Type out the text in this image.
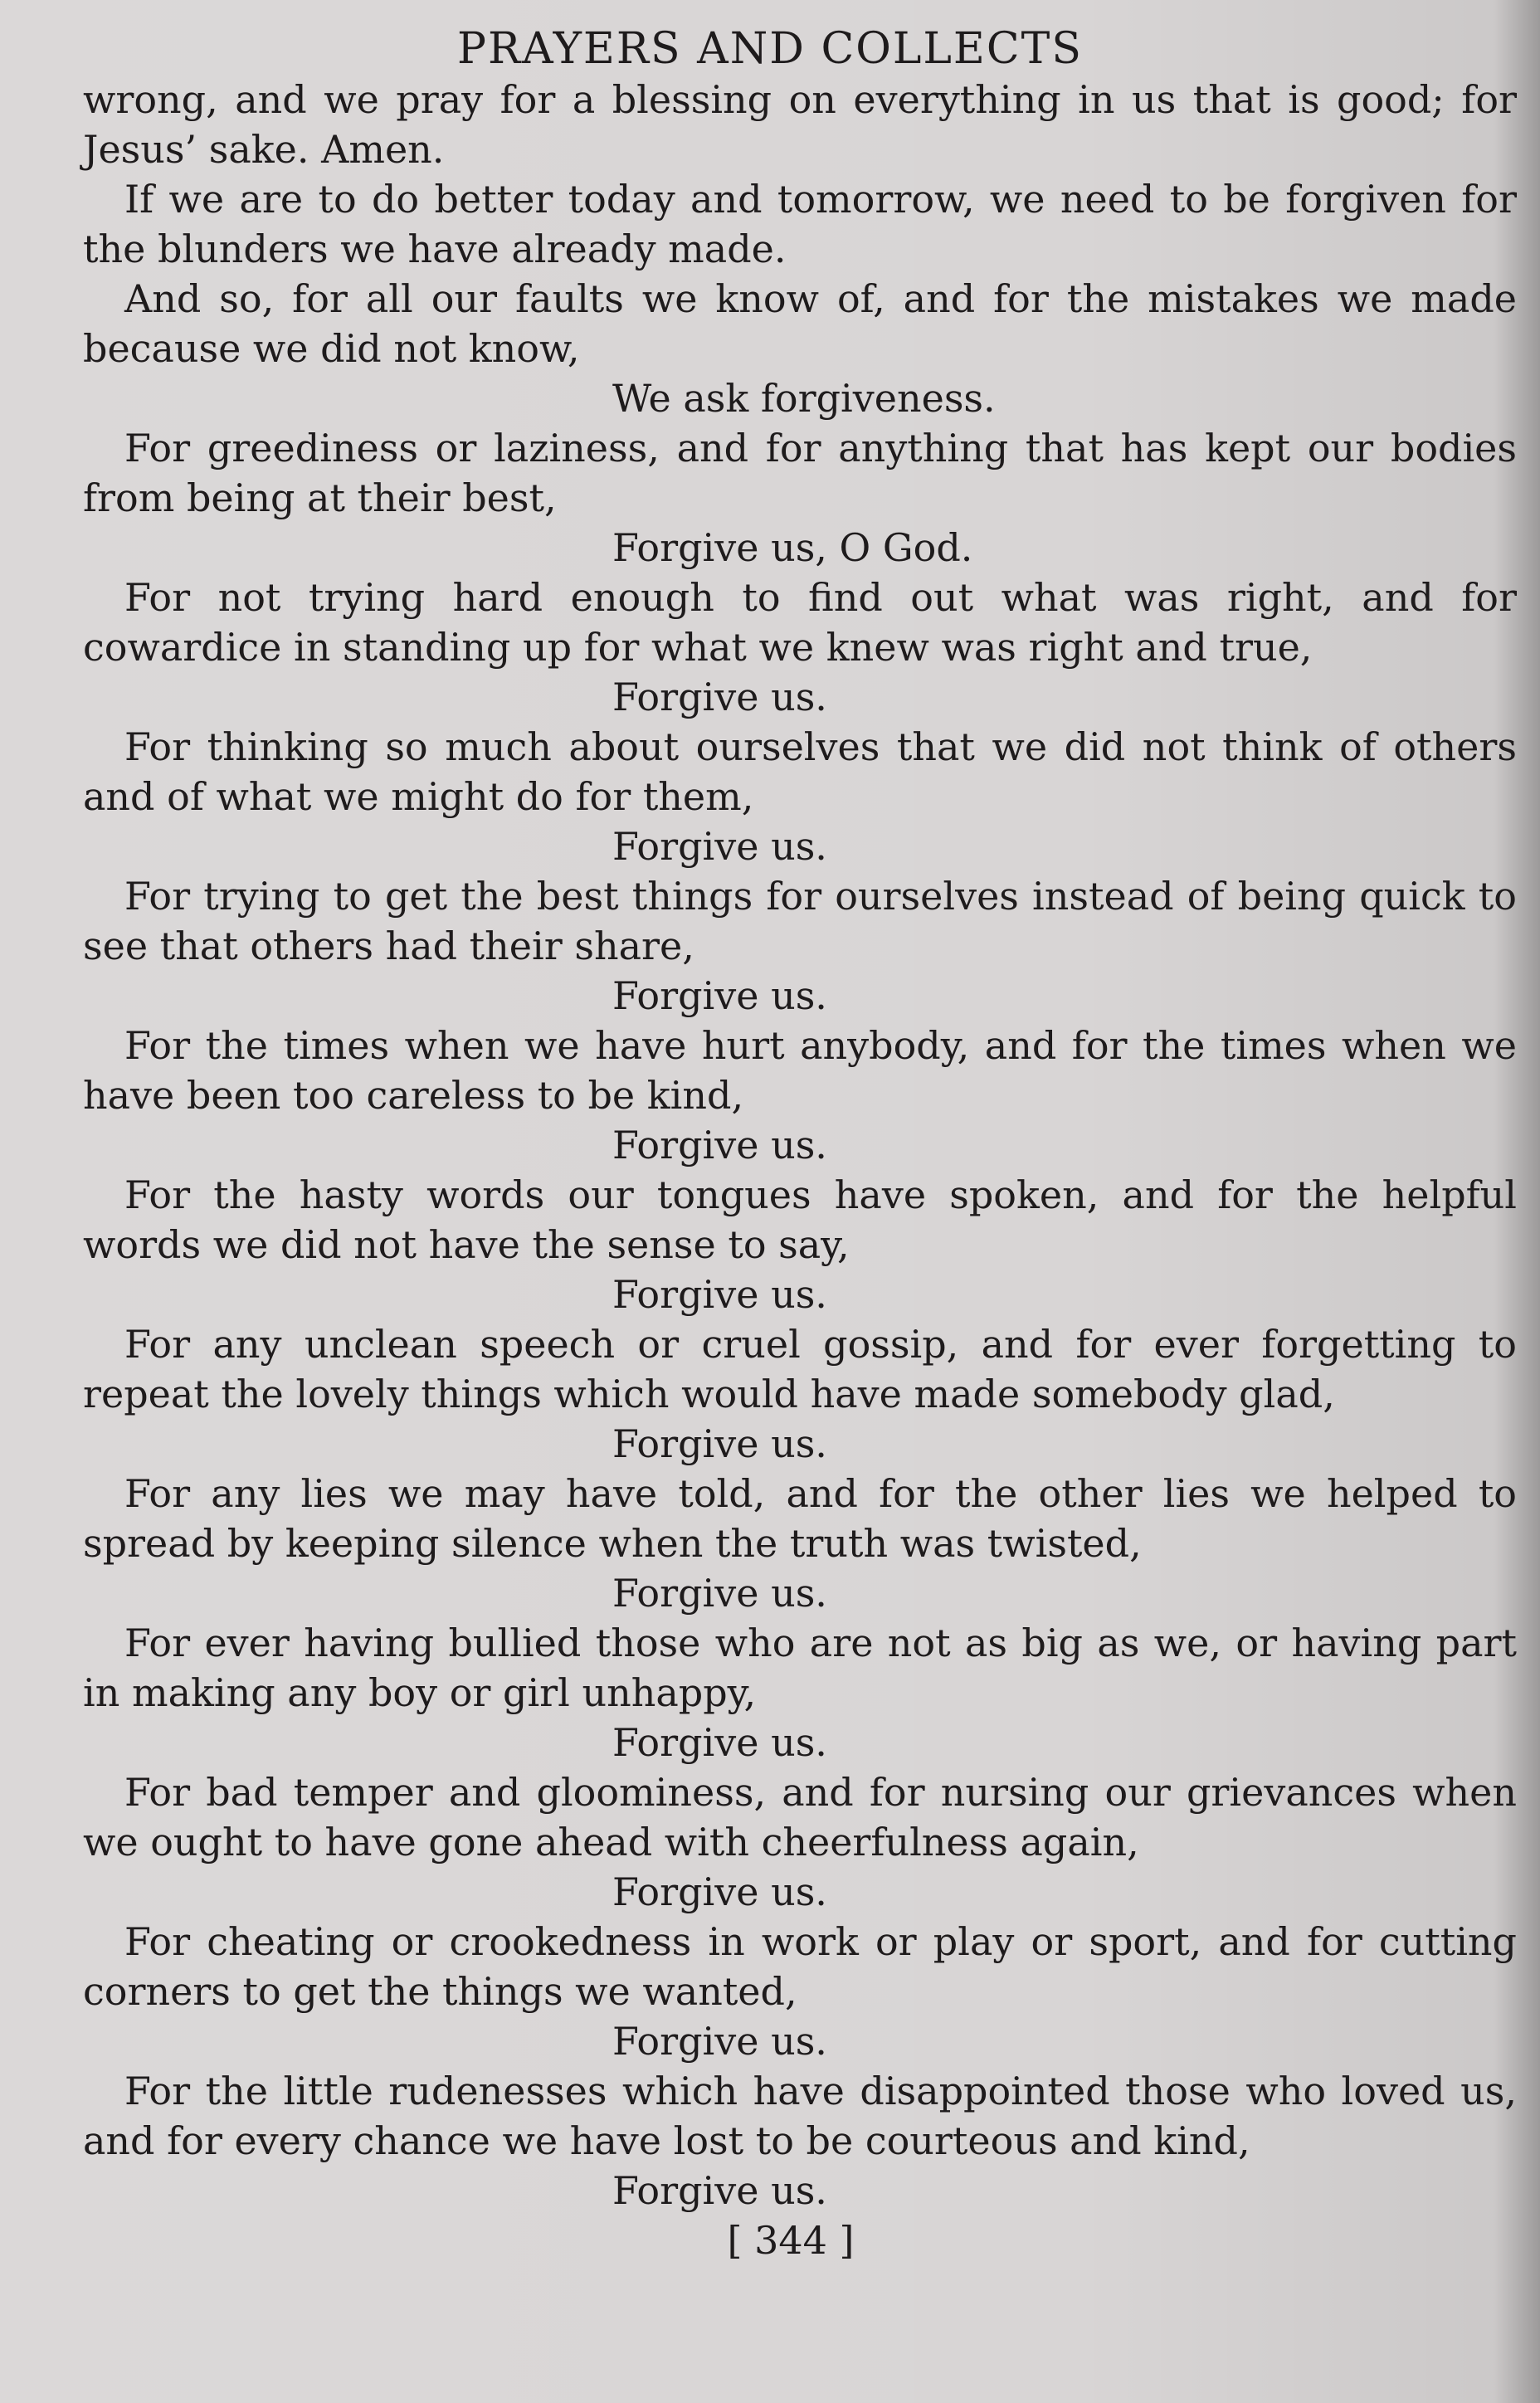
PRAYERS AND COLLECTS

wrong, and we pray for a blessing on everything in us that is good; for Jesus’ sake. Amen.

If we are to do better today and tomorrow, we need to be forgiven for the blunders we have already made.

And so, for all our faults we know of, and for the mistakes we made because we did not know,

We ask forgiveness.

For greediness or laziness, and for anything that has kept our bodies from being at their best,

Forgive us, O God.

For not trying hard enough to find out what was right, and for cowardice in standing up for what we knew was right and true,

Forgive us.

For thinking so much about ourselves that we did not think of others and of what we might do for them,

Forgive us.

For trying to get the best things for ourselves instead of being quick to see that others had their share,

Forgive us.

For the times when we have hurt anybody, and for the times when we have been too careless to be kind,

Forgive us.

For the hasty words our tongues have spoken, and for the helpful words we did not have the sense to say,

Forgive us.

For any unclean speech or cruel gossip, and for ever forgetting to repeat the lovely things which would have made somebody glad,

Forgive us.

For any lies we may have told, and for the other lies we helped to spread by keeping silence when the truth was twisted,

Forgive us.

For ever having bullied those who are not as big as we, or having part in making any boy or girl unhappy,

Forgive us.

For bad temper and gloominess, and for nursing our grievances when we ought to have gone ahead with cheerfulness again,

Forgive us.

For cheating or crookedness in work or play or sport, and for cutting corners to get the things we wanted,

Forgive us.

For the little rudenesses which have disappointed those who loved us, and for every chance we have lost to be courteous and kind,

Forgive us.

[ 344 ]
